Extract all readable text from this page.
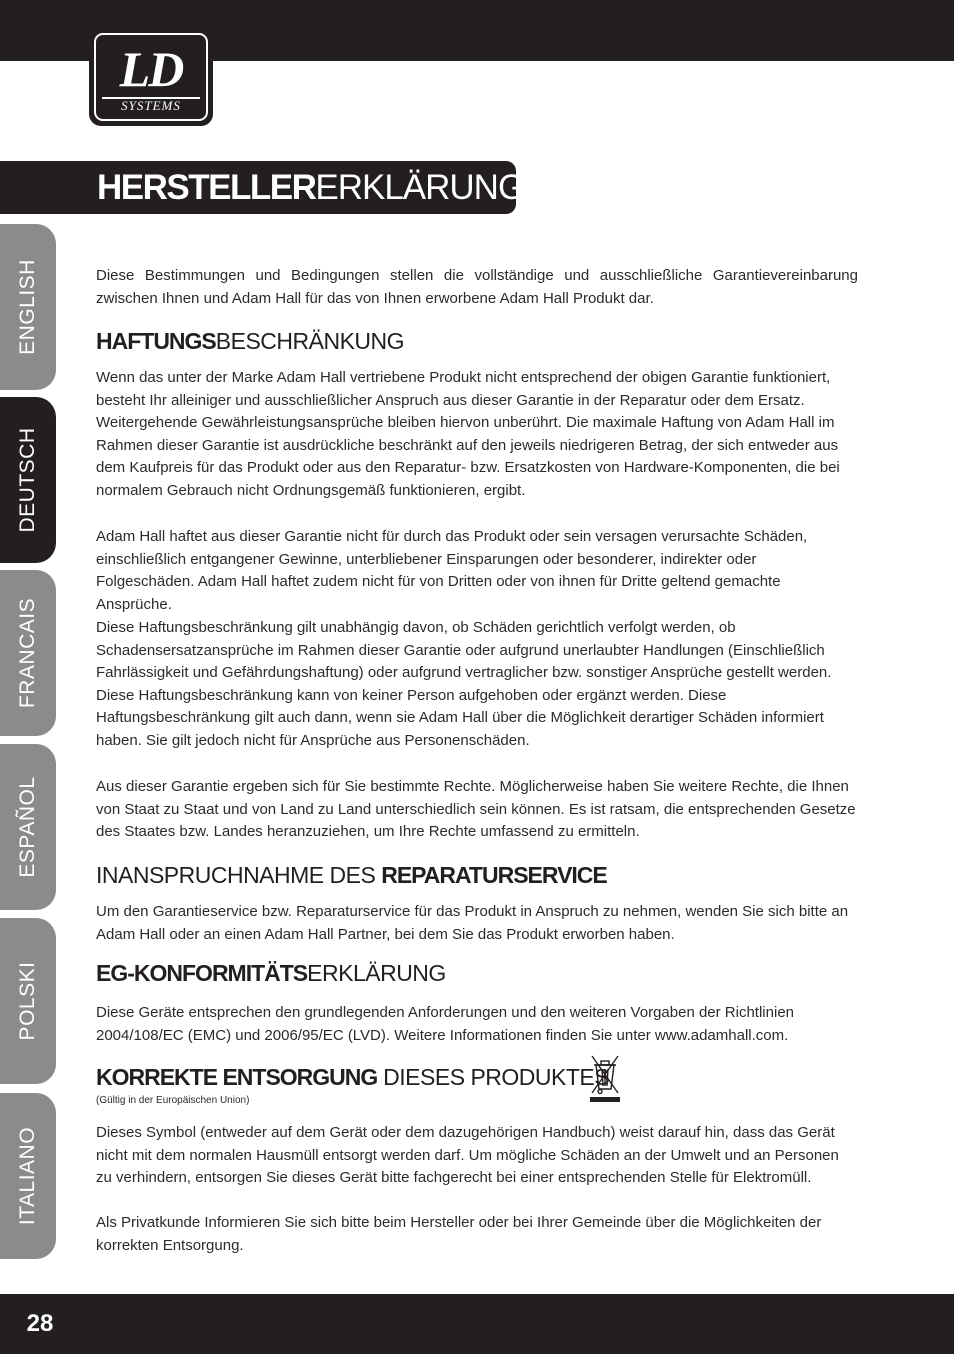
LD
SYSTEMS
HERSTELLERERKLÄRUNGEN:
ENGLISH
DEUTSCH
FRANCAIS
ESPAÑOL
POLSKI
ITALIANO

Diese Bestimmungen und Bedingungen stellen die vollständige und ausschließliche Garantievereinbarung zwischen Ihnen und Adam Hall für das von Ihnen erworbene Adam Hall Produkt dar.

HAFTUNGSBESCHRÄNKUNG

Wenn das unter der Marke Adam Hall vertriebene Produkt nicht entsprechend der obigen Garantie funktioniert, besteht Ihr alleiniger und ausschließlicher Anspruch aus dieser Garantie in der Reparatur oder dem Ersatz. Weitergehende Gewährleistungsansprüche bleiben hiervon unberührt. Die maximale Haftung von Adam Hall im Rahmen dieser Garantie ist ausdrückliche beschränkt auf den jeweils niedrigeren Betrag, der sich entweder aus dem Kaufpreis für das Produkt oder aus den Reparatur- bzw. Ersatzkosten von Hardware-Komponenten, die bei normalem Gebrauch nicht Ordnungsgemäß funktionieren, ergibt.

Adam Hall haftet aus dieser Garantie nicht für durch das Produkt oder sein versagen verursachte Schäden, einschließlich entgangener Gewinne, unterbliebener Einsparungen oder besonderer, indirekter oder Folgeschäden. Adam Hall haftet zudem nicht für von Dritten oder von ihnen für Dritte geltend gemachte Ansprüche.

Diese Haftungsbeschränkung gilt unabhängig davon, ob Schäden gerichtlich verfolgt werden, ob Schadensersatzansprüche im Rahmen dieser Garantie oder aufgrund unerlaubter Handlungen (Einschließlich Fahrlässigkeit und Gefährdungshaftung) oder aufgrund vertraglicher bzw. sonstiger Ansprüche gestellt werden. Diese Haftungsbeschränkung kann von keiner Person aufgehoben oder ergänzt werden. Diese Haftungsbeschränkung gilt auch dann, wenn sie Adam Hall über die Möglichkeit derartiger Schäden informiert haben. Sie gilt jedoch nicht für Ansprüche aus Personenschäden.

Aus dieser Garantie ergeben sich für Sie bestimmte Rechte. Möglicherweise haben Sie weitere Rechte, die Ihnen von Staat zu Staat und von Land zu Land unterschiedlich sein können. Es ist ratsam, die entsprechenden Gesetze des Staates bzw. Landes heranzuziehen, um Ihre Rechte umfassend zu ermitteln.

INANSPRUCHNAHME DES REPARATURSERVICE

Um den Garantieservice bzw. Reparaturservice für das Produkt in Anspruch zu nehmen, wenden Sie sich bitte an Adam Hall oder an einen Adam Hall Partner, bei dem Sie das Produkt erworben haben.

EG-KONFORMITÄTSERKLÄRUNG

Diese Geräte entsprechen den grundlegenden Anforderungen und den weiteren Vorgaben der Richtlinien 2004/108/EC (EMC) und 2006/95/EC (LVD). Weitere Informationen finden Sie unter www.adamhall.com.

KORREKTE ENTSORGUNG DIESES PRODUKTES
(Gültig in der Europäischen Union)

Dieses Symbol (entweder auf dem Gerät oder dem dazugehörigen Handbuch) weist darauf hin, dass das Gerät nicht mit dem normalen Hausmüll entsorgt werden darf. Um mögliche Schäden an der Umwelt und an Personen zu verhindern, entsorgen Sie dieses Gerät bitte fachgerecht bei einer entsprechenden Stelle für Elektromüll.

Als Privatkunde Informieren Sie sich bitte beim Hersteller oder bei Ihrer Gemeinde über die Möglichkeiten der korrekten Entsorgung.

28
